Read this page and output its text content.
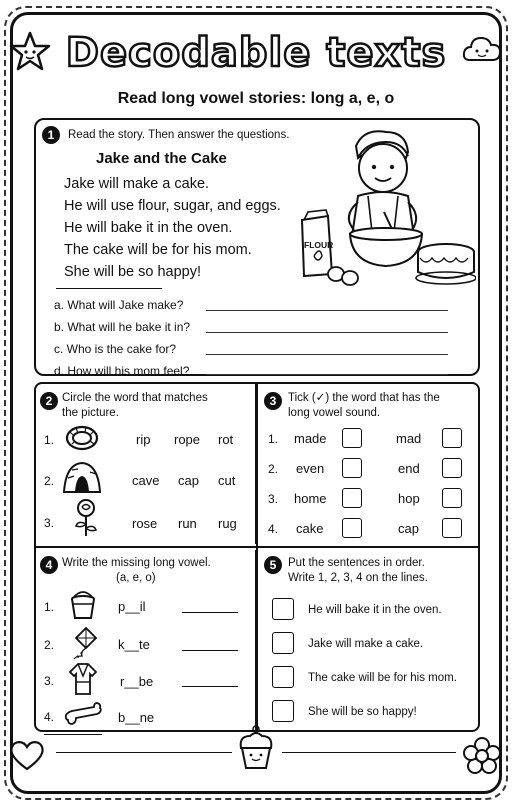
Decodable texts
Read long vowel stories: long a, e, o
1	Read the story. Then answer the questions.
Jake and the Cake
Jake will make a cake.
He will use flour, sugar, and eggs.
He will bake it in the oven.
The cake will be for his mom.
She will be so happy!
FLOUR
a. What will Jake make?
b. What will he bake it in?
c. Who is the cake for?
d. How will his mom feel?
2 Circle the word that matches
the picture.
1.	rip rope rot
2.	cave cap cut
3.	rose run rug
3	Tick (✓) the word that has the
long vowel sound.
1. made	mad
2. even	end
3. home	hop
4. cake	cap
4 Write the missing long vowel.
(a, e, o)
1.	p__il
2.	k__te
3.	r__be
4.	b__ne
5	Put the sentences in order.
Write 1, 2, 3, 4 on the lines.
He will bake it in the oven.
Jake will make a cake.
The cake will be for his mom.
She will be so happy!
